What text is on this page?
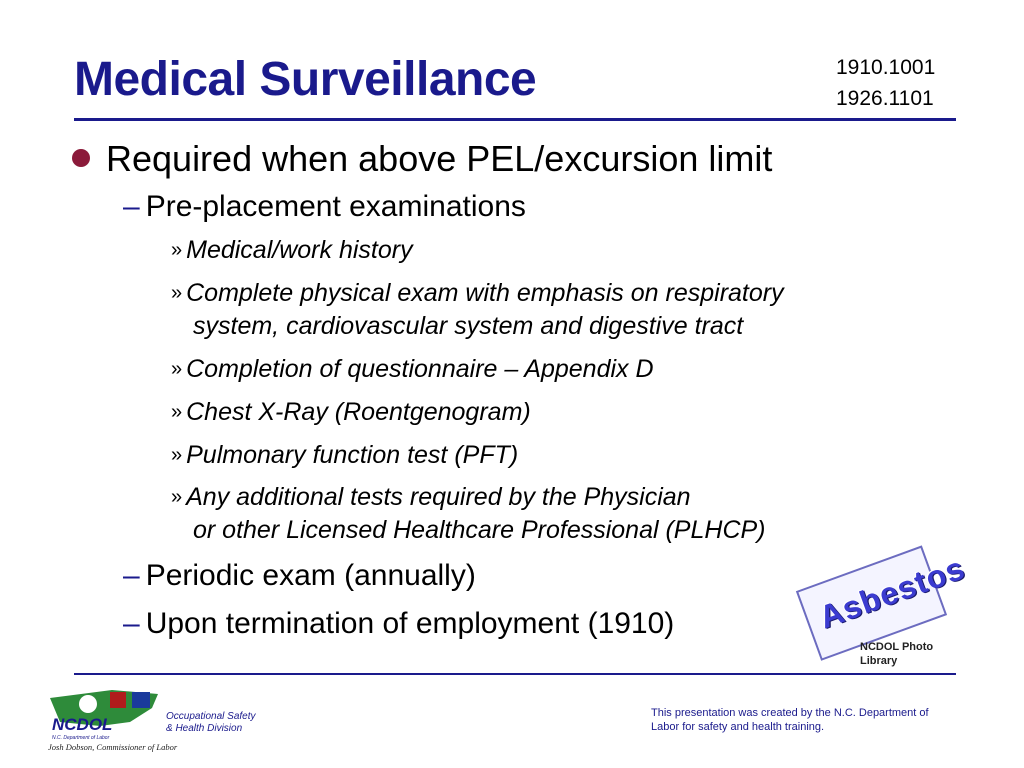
Medical Surveillance	1910.1001
1926.1101
Required when above PEL/excursion limit
– Pre-placement examinations
» Medical/work history
» Complete physical exam with emphasis on respiratory
system, cardiovascular system and digestive tract
» Completion of questionnaire – Appendix D
» Chest X-Ray (Roentgenogram)
» Pulmonary function test (PFT)
» Any additional tests required by the Physician
or other Licensed Healthcare Professional (PLHCP)
– Periodic exam (annually)
– Upon termination of employment (1910)	Asbestos
NCDOL Photo
Library
NCDOL
N.C. Department of Labor
Occupational Safety
& Health Division
Josh Dobson, Commissioner of Labor
This presentation was created by the N.C. Department of Labor for safety and health training.
